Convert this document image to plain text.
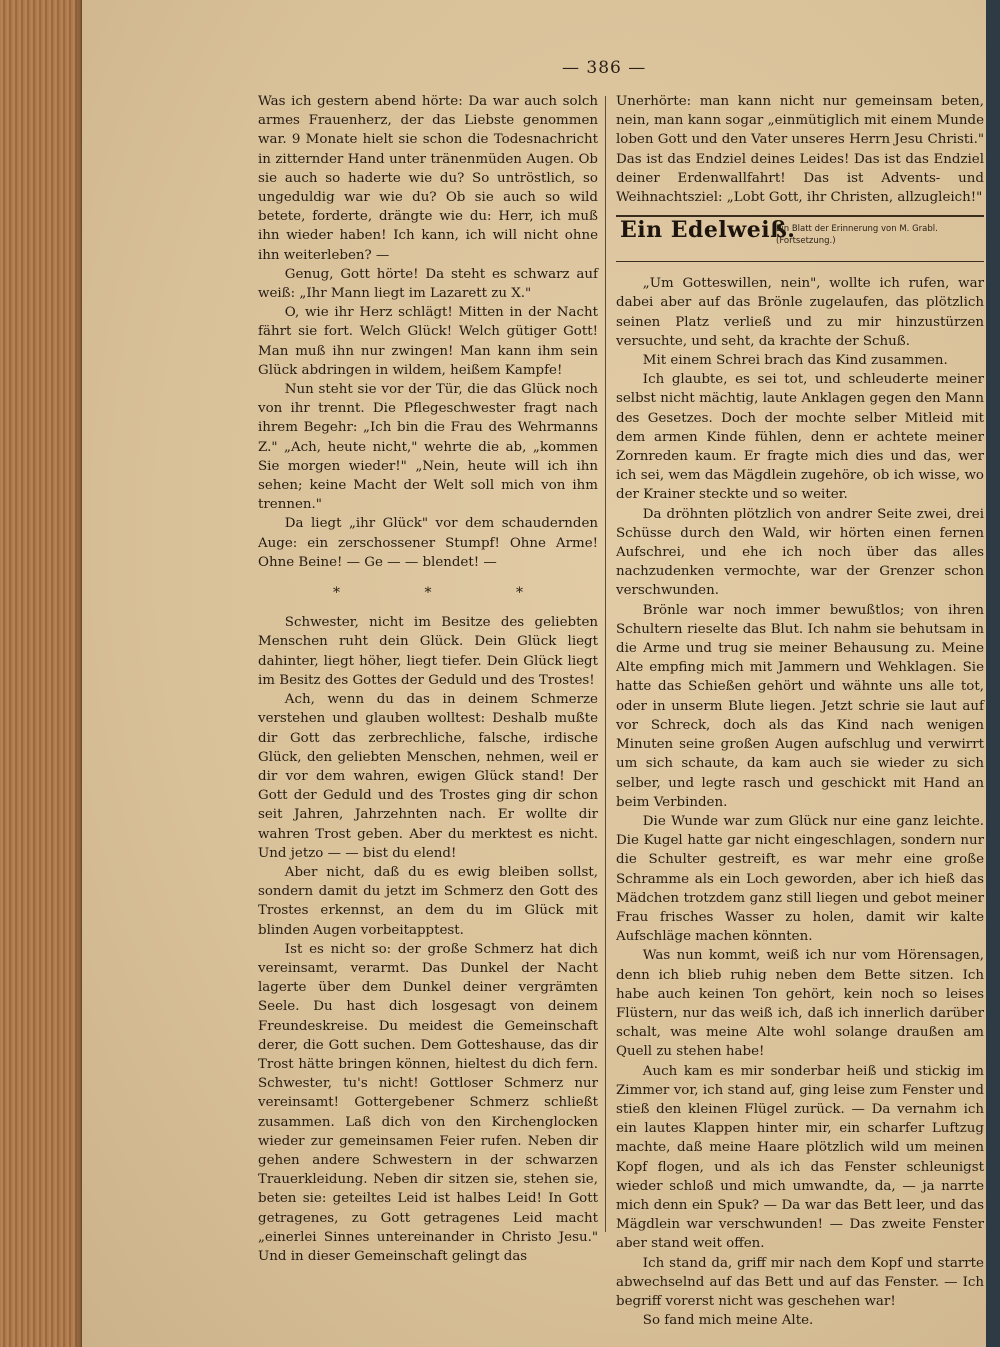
— 386 —

Was ich gestern abend hörte: Da war auch solch armes Frauenherz, der das Liebste genommen war. 9 Monate hielt sie schon die Todesnachricht in zitternder Hand unter tränenmüden Augen. Ob sie auch so haderte wie du? So untröstlich, so ungeduldig war wie du? Ob sie auch so wild betete, forderte, drängte wie du: Herr, ich muß ihn wieder haben! Ich kann, ich will nicht ohne ihn weiterleben? —

Genug, Gott hörte! Da steht es schwarz auf weiß: „Ihr Mann liegt im Lazarett zu X."

O, wie ihr Herz schlägt! Mitten in der Nacht fährt sie fort. Welch Glück! Welch gütiger Gott! Man muß ihn nur zwingen! Man kann ihm sein Glück abdringen in wildem, heißem Kampfe!

Nun steht sie vor der Tür, die das Glück noch von ihr trennt. Die Pflegeschwester fragt nach ihrem Begehr: „Ich bin die Frau des Wehrmanns Z." „Ach, heute nicht," wehrte die ab, „kommen Sie morgen wieder!" „Nein, heute will ich ihn sehen; keine Macht der Welt soll mich von ihm trennen."

Da liegt „ihr Glück" vor dem schaudernden Auge: ein zerschossener Stumpf! Ohne Arme! Ohne Beine! — Ge — — blendet! —

* * *

Schwester, nicht im Besitze des geliebten Menschen ruht dein Glück. Dein Glück liegt dahinter, liegt höher, liegt tiefer. Dein Glück liegt im Besitz des Gottes der Geduld und des Trostes!

Ach, wenn du das in deinem Schmerze verstehen und glauben wolltest: Deshalb mußte dir Gott das zerbrechliche, falsche, irdische Glück, den geliebten Menschen, nehmen, weil er dir vor dem wahren, ewigen Glück stand! Der Gott der Geduld und des Trostes ging dir schon seit Jahren, Jahrzehnten nach. Er wollte dir wahren Trost geben. Aber du merktest es nicht. Und jetzo — — bist du elend!

Aber nicht, daß du es ewig bleiben sollst, sondern damit du jetzt im Schmerz den Gott des Trostes erkennst, an dem du im Glück mit blinden Augen vorbeitapptest.

Ist es nicht so: der große Schmerz hat dich vereinsamt, verarmt. Das Dunkel der Nacht lagerte über dem Dunkel deiner vergrämten Seele. Du hast dich losgesagt von deinem Freundeskreise. Du meidest die Gemeinschaft derer, die Gott suchen. Dem Gotteshause, das dir Trost hätte bringen können, hieltest du dich fern. Schwester, tu's nicht! Gottloser Schmerz nur vereinsamt! Gottergebener Schmerz schließt zusammen. Laß dich von den Kirchenglocken wieder zur gemeinsamen Feier rufen. Neben dir gehen andere Schwestern in der schwarzen Trauerkleidung. Neben dir sitzen sie, stehen sie, beten sie: geteiltes Leid ist halbes Leid! In Gott getragenes, zu Gott getragenes Leid macht „einerlei Sinnes untereinander in Christo Jesu." Und in dieser Gemeinschaft gelingt das

Unerhörte: man kann nicht nur gemeinsam beten, nein, man kann sogar „einmütiglich mit einem Munde loben Gott und den Vater unseres Herrn Jesu Christi." Das ist das Endziel deines Leides! Das ist das Endziel deiner Erdenwallfahrt! Das ist Advents- und Weihnachtsziel: „Lobt Gott, ihr Christen, allzugleich!"

Ein Edelweiß.
Ein Blatt der Erinnerung von M. Grabl.
(Fortsetzung.)

„Um Gotteswillen, nein", wollte ich rufen, war dabei aber auf das Brönle zugelaufen, das plötzlich seinen Platz verließ und zu mir hinzustürzen versuchte, und seht, da krachte der Schuß.

Mit einem Schrei brach das Kind zusammen.

Ich glaubte, es sei tot, und schleuderte meiner selbst nicht mächtig, laute Anklagen gegen den Mann des Gesetzes. Doch der mochte selber Mitleid mit dem armen Kinde fühlen, denn er achtete meiner Zornreden kaum. Er fragte mich dies und das, wer ich sei, wem das Mägdlein zugehöre, ob ich wisse, wo der Krainer steckte und so weiter.

Da dröhnten plötzlich von andrer Seite zwei, drei Schüsse durch den Wald, wir hörten einen fernen Aufschrei, und ehe ich noch über das alles nachzudenken vermochte, war der Grenzer schon verschwunden.

Brönle war noch immer bewußtlos; von ihren Schultern rieselte das Blut. Ich nahm sie behutsam in die Arme und trug sie meiner Behausung zu. Meine Alte empfing mich mit Jammern und Wehklagen. Sie hatte das Schießen gehört und wähnte uns alle tot, oder in unserm Blute liegen. Jetzt schrie sie laut auf vor Schreck, doch als das Kind nach wenigen Minuten seine großen Augen aufschlug und verwirrt um sich schaute, da kam auch sie wieder zu sich selber, und legte rasch und geschickt mit Hand an beim Verbinden.

Die Wunde war zum Glück nur eine ganz leichte. Die Kugel hatte gar nicht eingeschlagen, sondern nur die Schulter gestreift, es war mehr eine große Schramme als ein Loch geworden, aber ich hieß das Mädchen trotzdem ganz still liegen und gebot meiner Frau frisches Wasser zu holen, damit wir kalte Aufschläge machen könnten.

Was nun kommt, weiß ich nur vom Hörensagen, denn ich blieb ruhig neben dem Bette sitzen. Ich habe auch keinen Ton gehört, kein noch so leises Flüstern, nur das weiß ich, daß ich innerlich darüber schalt, was meine Alte wohl solange draußen am Quell zu stehen habe!

Auch kam es mir sonderbar heiß und stickig im Zimmer vor, ich stand auf, ging leise zum Fenster und stieß den kleinen Flügel zurück. — Da vernahm ich ein lautes Klappen hinter mir, ein scharfer Luftzug machte, daß meine Haare plötzlich wild um meinen Kopf flogen, und als ich das Fenster schleunigst wieder schloß und mich umwandte, da, — ja narrte mich denn ein Spuk? — Da war das Bett leer, und das Mägdlein war verschwunden! — Das zweite Fenster aber stand weit offen.

Ich stand da, griff mir nach dem Kopf und starrte abwechselnd auf das Bett und auf das Fenster. — Ich begriff vorerst nicht was geschehen war!

So fand mich meine Alte.
